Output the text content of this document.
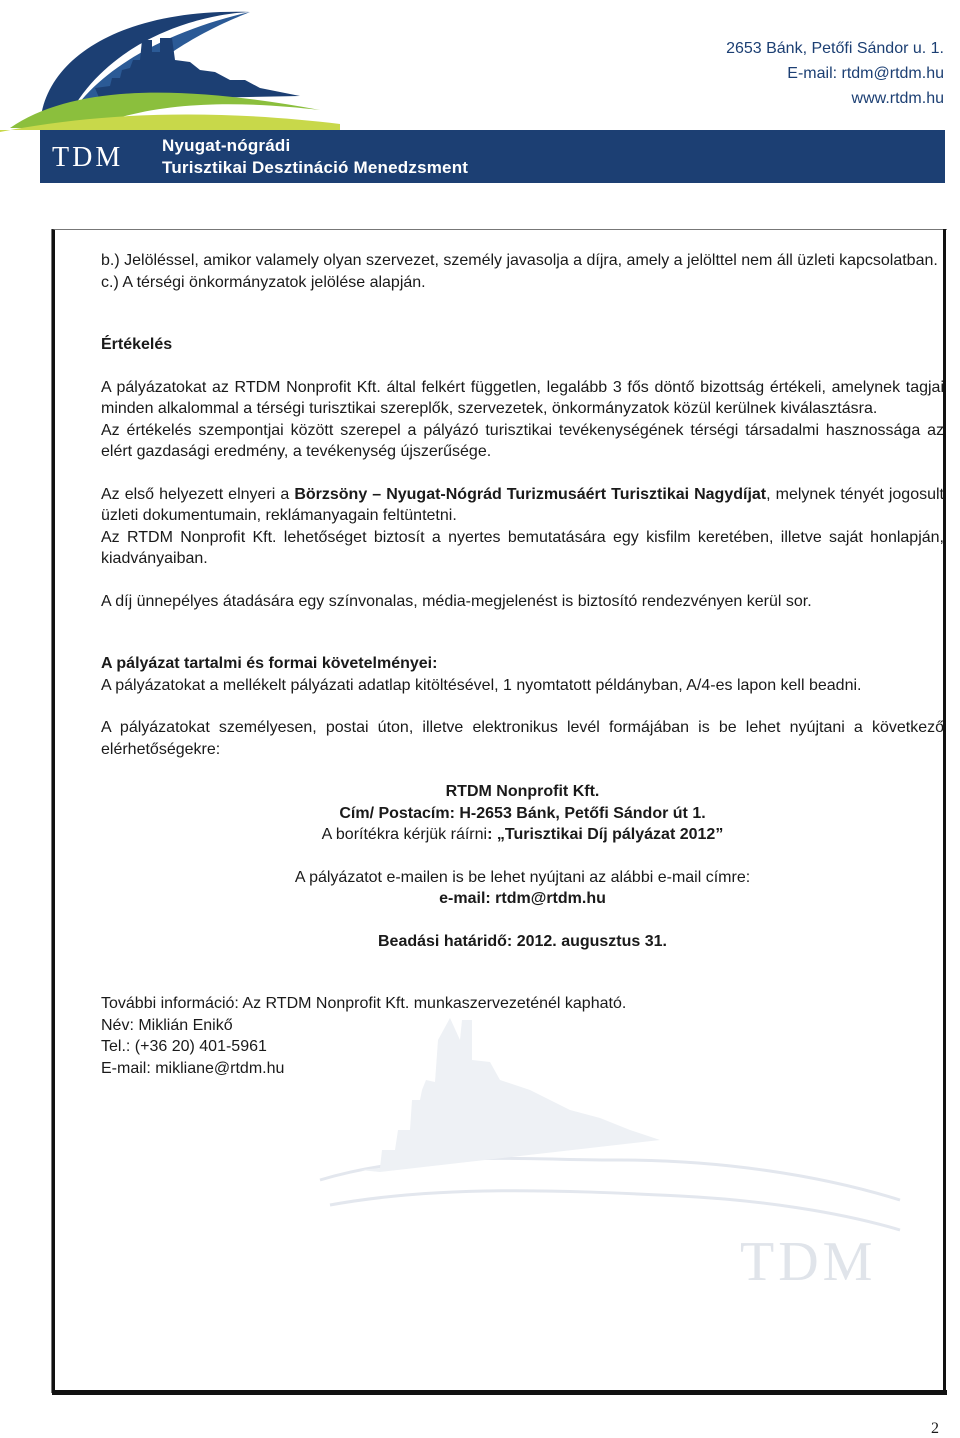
TDM	Nyugat-nógrádi
Turisztikai Desztináció Menedzsment
2653 Bánk, Petőfi Sándor u. 1.
E-mail: rtdm@rtdm.hu
www.rtdm.hu
TDM

b.) Jelöléssel, amikor valamely olyan szervezet, személy javasolja a díjra, amely a jelölttel nem áll üzleti kapcsolatban.

c.) A térségi önkormányzatok jelölése alapján.

Értékelés

A pályázatokat az RTDM Nonprofit Kft. által felkért független, legalább 3 fős döntő bizottság értékeli, amelynek tagjai minden alkalommal a térségi turisztikai szereplők, szervezetek, önkormányzatok közül kerülnek kiválasztásra.

Az értékelés szempontjai között szerepel a pályázó turisztikai tevékenységének térségi társadalmi hasznossága az elért gazdasági eredmény, a tevékenység újszerűsége.

Az első helyezett elnyeri a Börzsöny – Nyugat-Nógrád Turizmusáért Turisztikai Nagydíjat, melynek tényét jogosult üzleti dokumentumain, reklámanyagain feltüntetni.

Az RTDM Nonprofit Kft. lehetőséget biztosít a nyertes bemutatására egy kisfilm keretében, illetve saját honlapján, kiadványaiban.

A díj ünnepélyes átadására egy színvonalas, média-megjelenést is biztosító rendezvényen kerül sor.

A pályázat tartalmi és formai követelményei:

A pályázatokat a mellékelt pályázati adatlap kitöltésével, 1 nyomtatott példányban, A/4-es lapon kell beadni.

A pályázatokat személyesen, postai úton, illetve elektronikus levél formájában is be lehet nyújtani a következő elérhetőségekre:

RTDM Nonprofit Kft.

Cím/ Postacím: H-2653 Bánk, Petőfi Sándor út 1.

A borítékra kérjük ráírni: „Turisztikai Díj pályázat 2012”

A pályázatot e-mailen is be lehet nyújtani az alábbi e-mail címre:

e-mail: rtdm@rtdm.hu

Beadási határidő: 2012. augusztus 31.

További információ: Az RTDM Nonprofit Kft. munkaszervezeténél kapható.

Név: Miklián Enikő

Tel.: (+36 20) 401-5961

E-mail: mikliane@rtdm.hu

2
